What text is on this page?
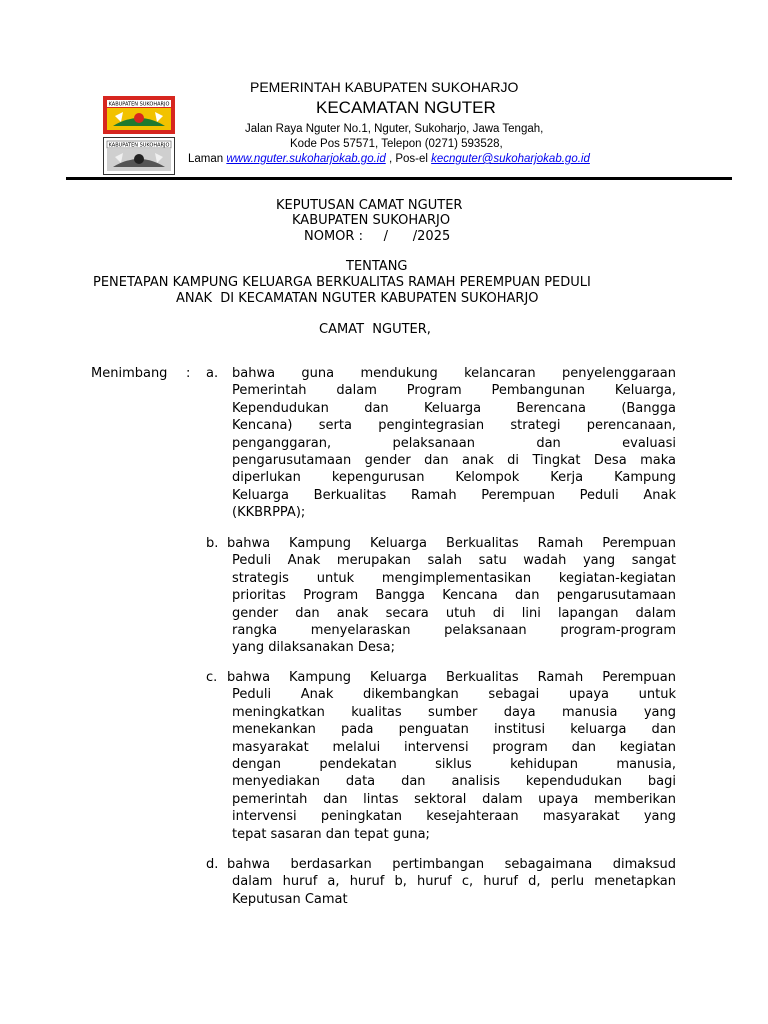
KABUPATEN SUKOHARJO
KABUPATEN SUKOHARJO
PEMERINTAH KABUPATEN SUKOHARJO
KECAMATAN NGUTER
Jalan Raya Nguter No.1, Nguter, Sukoharjo, Jawa Tengah,
Kode Pos 57571, Telepon (0271) 593528,
Laman www.nguter.sukoharjokab.go.id , Pos-el kecnguter@sukoharjokab.go.id
KEPUTUSAN CAMAT NGUTER
KABUPATEN SUKOHARJO
NOMOR :     /      /2025
TENTANG
PENETAPAN KAMPUNG KELUARGA BERKUALITAS RAMAH PEREMPUAN PEDULI
ANAK  DI KECAMATAN NGUTER KABUPATEN SUKOHARJO
CAMAT  NGUTER,
Menimbang : a. bahwa guna mendukung kelancaran penyelenggaraan
Pemerintah dalam Program Pembangunan Keluarga,
Kependudukan dan Keluarga Berencana (Bangga
Kencana) serta pengintegrasian strategi perencanaan,
penganggaran, pelaksanaan dan evaluasi
pengarusutamaan gender dan anak di Tingkat Desa maka
diperlukan kepengurusan Kelompok Kerja Kampung
Keluarga Berkualitas Ramah Perempuan Peduli Anak
(KKBRPPA);
b. bahwa Kampung Keluarga Berkualitas Ramah Perempuan
Peduli Anak merupakan salah satu wadah yang sangat
strategis untuk mengimplementasikan kegiatan-kegiatan
prioritas Program Bangga Kencana dan pengarusutamaan
gender dan anak secara utuh di lini lapangan dalam
rangka menyelaraskan pelaksanaan program-program
yang dilaksanakan Desa;
c. bahwa Kampung Keluarga Berkualitas Ramah Perempuan
Peduli Anak dikembangkan sebagai upaya untuk
meningkatkan kualitas sumber daya manusia yang
menekankan pada penguatan institusi keluarga dan
masyarakat melalui intervensi program dan kegiatan
dengan pendekatan siklus kehidupan manusia,
menyediakan data dan analisis kependudukan bagi
pemerintah dan lintas sektoral dalam upaya memberikan
intervensi peningkatan kesejahteraan masyarakat yang
tepat sasaran dan tepat guna;
d. bahwa berdasarkan pertimbangan sebagaimana dimaksud
dalam huruf a, huruf b, huruf c, huruf d, perlu menetapkan
Keputusan Camat
